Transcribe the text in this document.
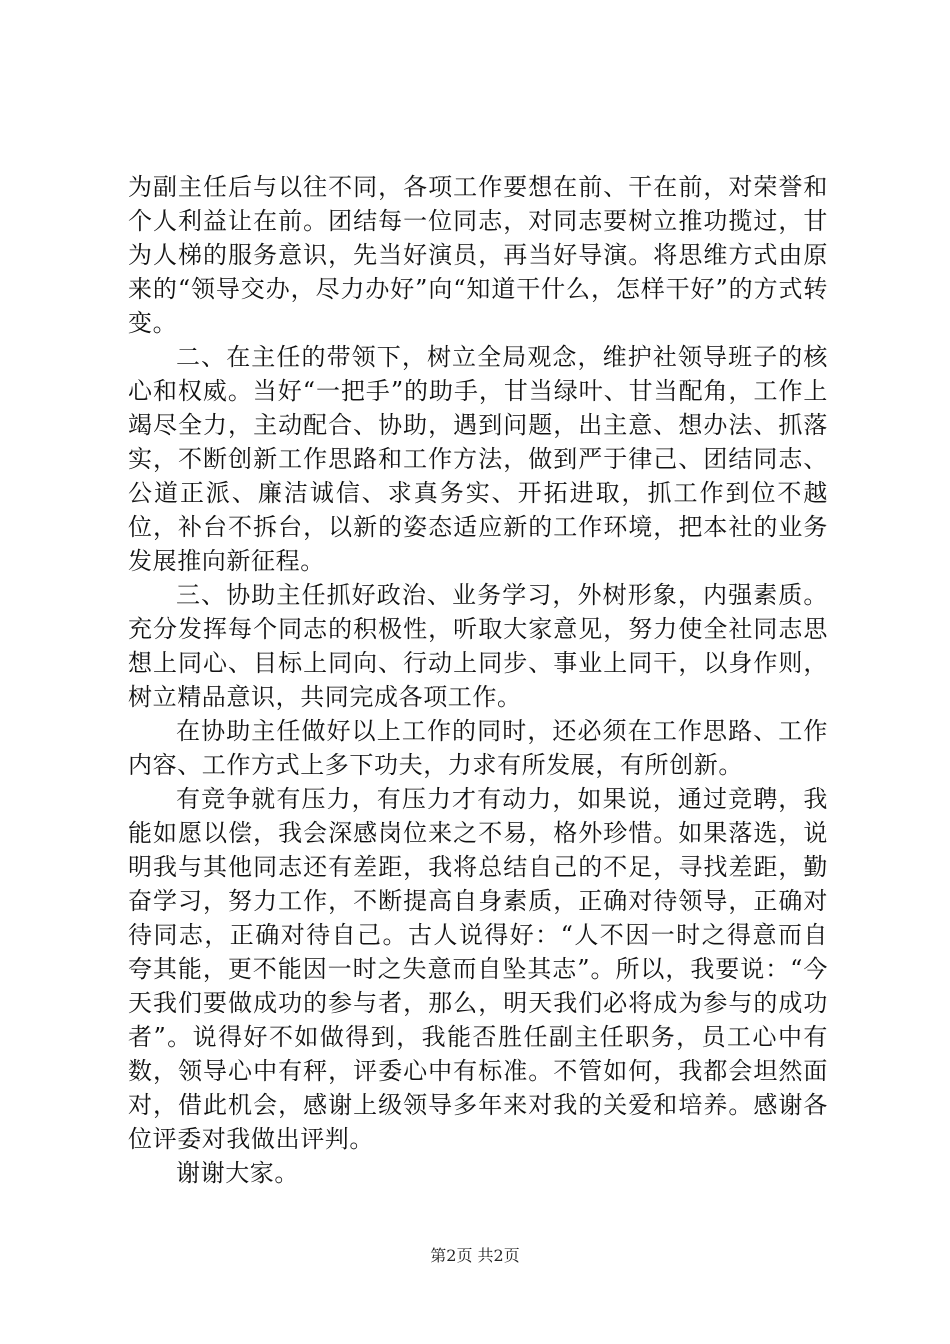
为副主任后与以往不同，各项工作要想在前、干在前，对荣誉和个人利益让在前。团结每一位同志，对同志要树立推功揽过，甘为人梯的服务意识，先当好演员，再当好导演。将思维方式由原来的“领导交办，尽力办好”向“知道干什么，怎样干好”的方式转变。

二、在主任的带领下，树立全局观念，维护社领导班子的核心和权威。当好“一把手”的助手，甘当绿叶、甘当配角，工作上竭尽全力，主动配合、协助，遇到问题，出主意、想办法、抓落实，不断创新工作思路和工作方法，做到严于律己、团结同志、公道正派、廉洁诚信、求真务实、开拓进取，抓工作到位不越位，补台不拆台，以新的姿态适应新的工作环境，把本社的业务发展推向新征程。

三、协助主任抓好政治、业务学习，外树形象，内强素质。充分发挥每个同志的积极性，听取大家意见，努力使全社同志思想上同心、目标上同向、行动上同步、事业上同干，以身作则，树立精品意识，共同完成各项工作。

在协助主任做好以上工作的同时，还必须在工作思路、工作内容、工作方式上多下功夫，力求有所发展，有所创新。

有竞争就有压力，有压力才有动力，如果说，通过竞聘，我能如愿以偿，我会深感岗位来之不易，格外珍惜。如果落选，说明我与其他同志还有差距，我将总结自己的不足，寻找差距，勤奋学习，努力工作，不断提高自身素质，正确对待领导，正确对待同志，正确对待自己。古人说得好：“人不因一时之得意而自夸其能，更不能因一时之失意而自坠其志”。所以，我要说：“今天我们要做成功的参与者，那么，明天我们必将成为参与的成功者”。说得好不如做得到，我能否胜任副主任职务，员工心中有数，领导心中有秤，评委心中有标准。不管如何，我都会坦然面对，借此机会，感谢上级领导多年来对我的关爱和培养。感谢各位评委对我做出评判。

谢谢大家。

第2页 共2页
